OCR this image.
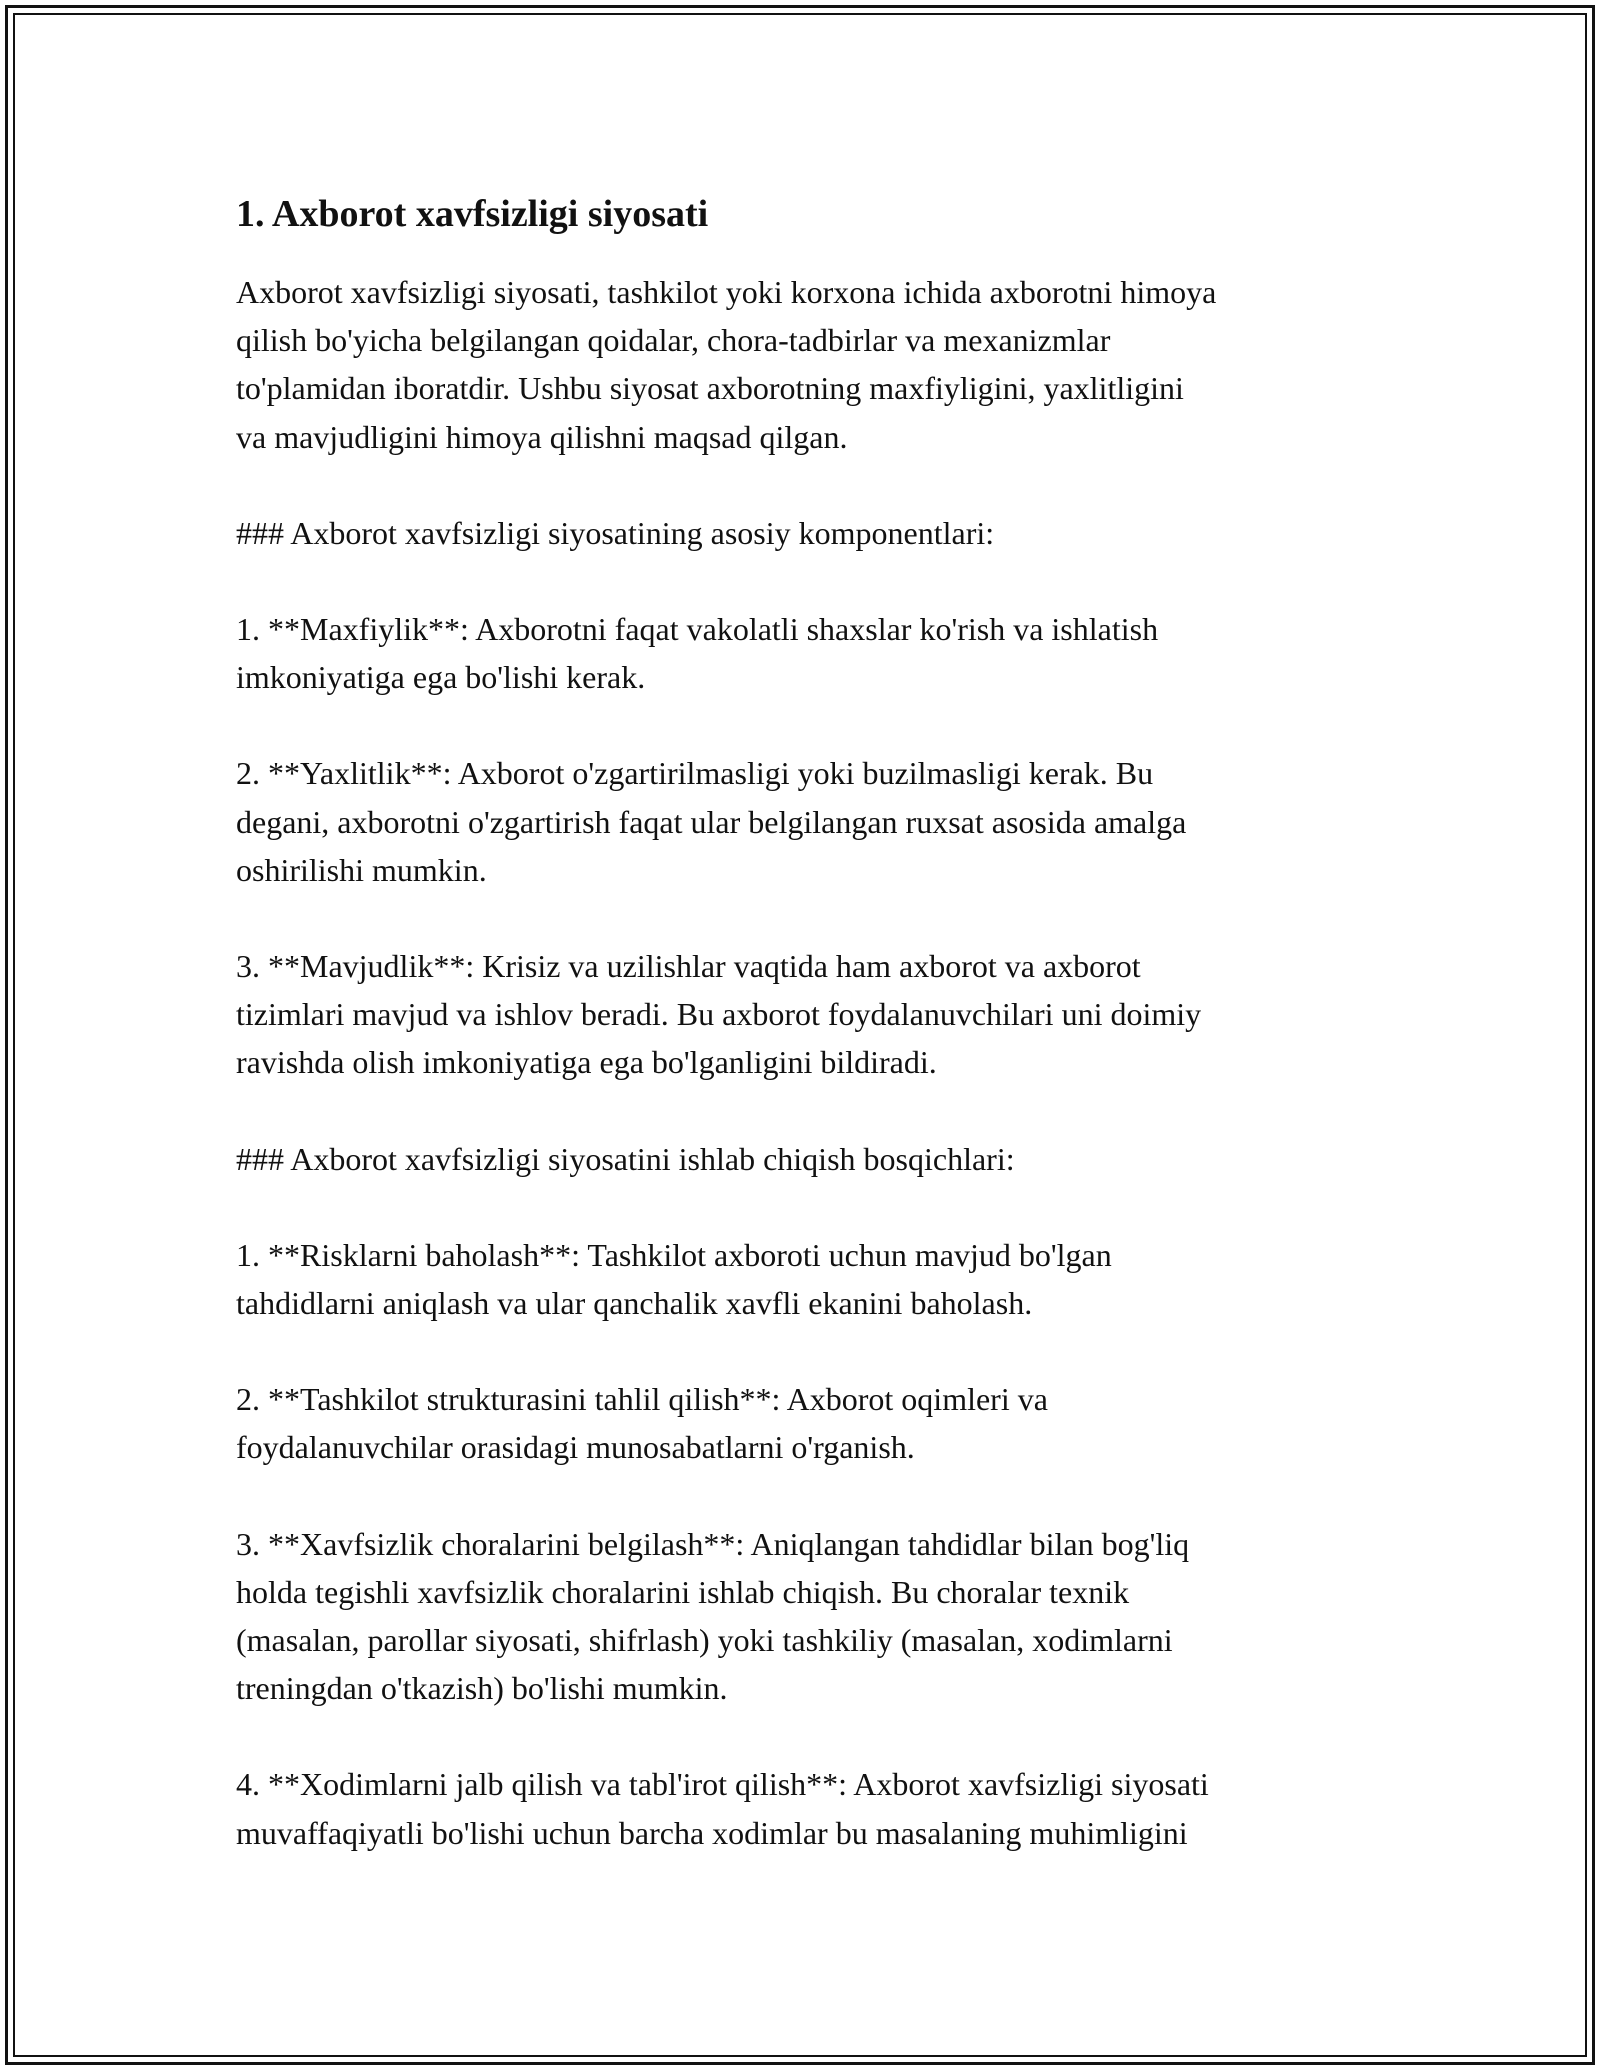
1. Axborot xavfsizligi siyosati

Axborot xavfsizligi siyosati, tashkilot yoki korxona ichida axborotni himoya
qilish bo'yicha belgilangan qoidalar, chora-tadbirlar va mexanizmlar
to'plamidan iboratdir. Ushbu siyosat axborotning maxfiyligini, yaxlitligini
va mavjudligini himoya qilishni maqsad qilgan.

### Axborot xavfsizligi siyosatining asosiy komponentlari:

1. **Maxfiylik**: Axborotni faqat vakolatli shaxslar ko'rish va ishlatish
imkoniyatiga ega bo'lishi kerak.

2. **Yaxlitlik**: Axborot o'zgartirilmasligi yoki buzilmasligi kerak. Bu
degani, axborotni o'zgartirish faqat ular belgilangan ruxsat asosida amalga
oshirilishi mumkin.

3. **Mavjudlik**: Krisiz va uzilishlar vaqtida ham axborot va axborot
tizimlari mavjud va ishlov beradi. Bu axborot foydalanuvchilari uni doimiy
ravishda olish imkoniyatiga ega bo'lganligini bildiradi.

### Axborot xavfsizligi siyosatini ishlab chiqish bosqichlari:

1. **Risklarni baholash**: Tashkilot axboroti uchun mavjud bo'lgan
tahdidlarni aniqlash va ular qanchalik xavfli ekanini baholash.

2. **Tashkilot strukturasini tahlil qilish**: Axborot oqimleri va
foydalanuvchilar orasidagi munosabatlarni o'rganish.

3. **Xavfsizlik choralarini belgilash**: Aniqlangan tahdidlar bilan bog'liq
holda tegishli xavfsizlik choralarini ishlab chiqish. Bu choralar texnik
(masalan, parollar siyosati, shifrlash) yoki tashkiliy (masalan, xodimlarni
treningdan o'tkazish) bo'lishi mumkin.

4. **Xodimlarni jalb qilish va tabl'irot qilish**: Axborot xavfsizligi siyosati
muvaffaqiyatli bo'lishi uchun barcha xodimlar bu masalaning muhimligini
